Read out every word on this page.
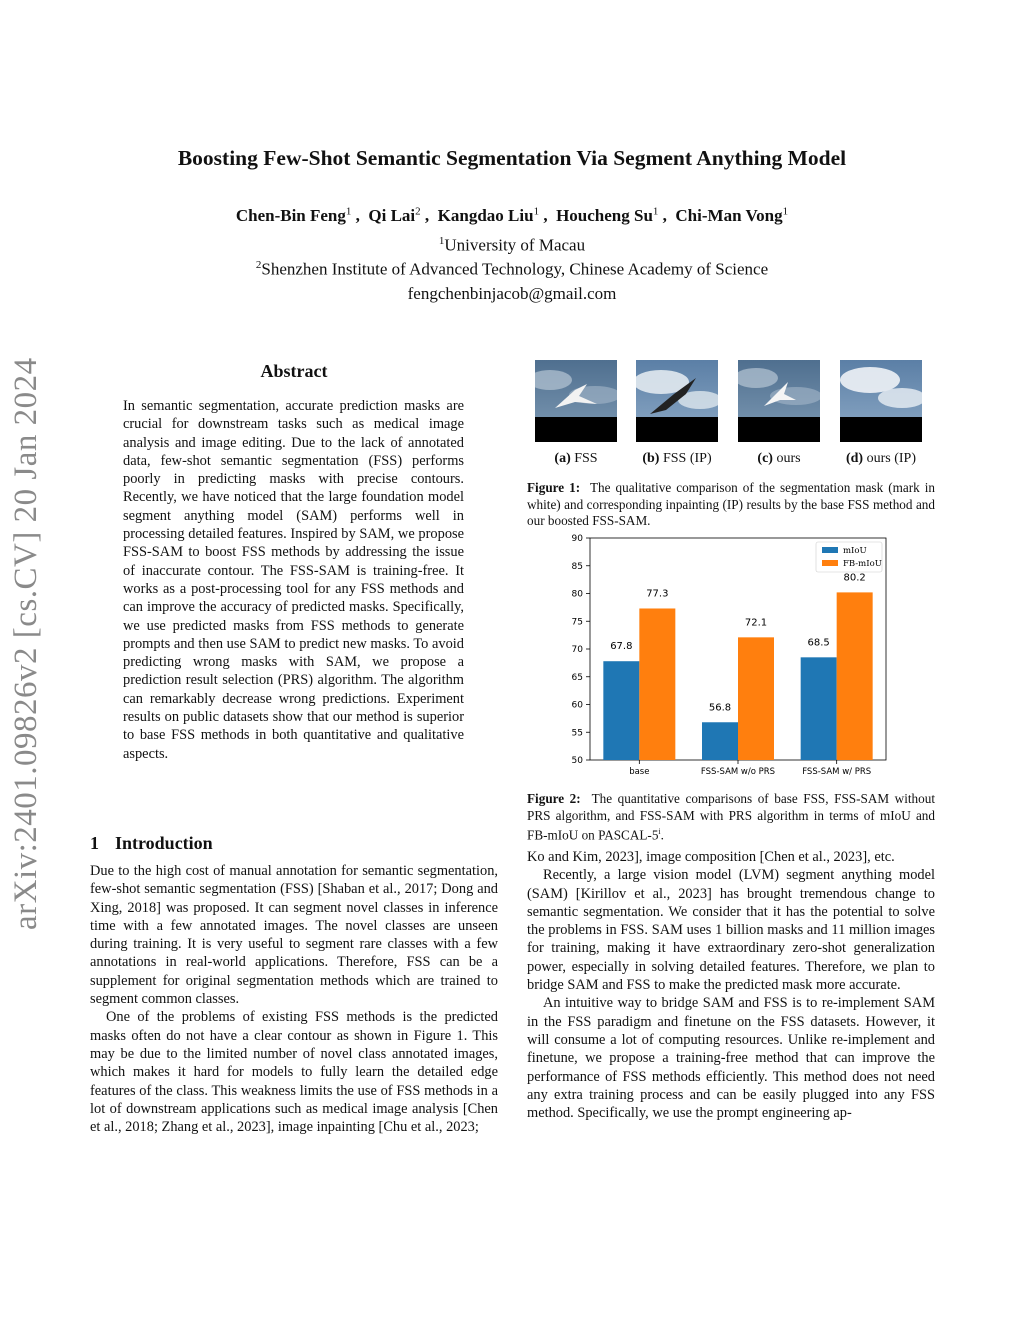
arXiv:2401.09826v2 [cs.CV] 20 Jan 2024
Boosting Few-Shot Semantic Segmentation Via Segment Anything Model
Chen-Bin Feng$^1$ ,  Qi Lai$^2$ ,  Kangdao Liu$^1$ ,  Houcheng Su$^1$ ,  Chi-Man Vong$^1$
$^1$University of Macau
$^2$Shenzhen Institute of Advanced Technology, Chinese Academy of Science
fengchenbinjacob@gmail.com
Abstract
In semantic segmentation, accurate prediction masks are crucial for downstream tasks such as medical image analysis and image editing. Due to the lack of annotated data, few-shot semantic segmentation (FSS) performs poorly in predicting masks with precise contours. Recently, we have noticed that the large foundation model segment anything model (SAM) performs well in processing detailed features. Inspired by SAM, we propose FSS-SAM to boost FSS methods by addressing the issue of inaccurate contour. The FSS-SAM is training-free. It works as a post-processing tool for any FSS methods and can improve the accuracy of predicted masks. Specifically, we use predicted masks from FSS methods to generate prompts and then use SAM to predict new masks. To avoid predicting wrong masks with SAM, we propose a prediction result selection (PRS) algorithm. The algorithm can remarkably decrease wrong predictions. Experiment results on public datasets show that our method is superior to base FSS methods in both quantitative and qualitative aspects.
1 Introduction

Due to the high cost of manual annotation for semantic segmentation, few-shot semantic segmentation (FSS) [Shaban et al., 2017; Dong and Xing, 2018] was proposed. It can segment novel classes in inference time with a few annotated images. The novel classes are unseen during training. It is very useful to segment rare classes with a few annotations in real-world applications. Therefore, FSS can be a supplement for original segmentation methods which are trained to segment common classes.

One of the problems of existing FSS methods is the predicted masks often do not have a clear contour as shown in Figure 1. This may be due to the limited number of novel class annotated images, which makes it hard for models to fully learn the detailed edge features of the class. This weakness limits the use of FSS methods in a lot of downstream applications such as medical image analysis [Chen et al., 2018; Zhang et al., 2023], image inpainting [Chu et al., 2023;

(a) FSS	(b) FSS (IP)	(c) ours	(d) ours (IP)
Figure 1: The qualitative comparison of the segmentation mask (mark in white) and corresponding inpainting (IP) results by the base FSS method and our boosted FSS-SAM.
50
55
60
65
70
75
80
85
90
base
67.8
77.3
FSS-SAM w/o PRS
56.8
72.1
FSS-SAM w/ PRS
68.5
80.2
mIoU
FB-mIoU
Figure 2: The quantitative comparisons of base FSS, FSS-SAM without PRS algorithm, and FSS-SAM with PRS algorithm in terms of mIoU and FB-mIoU on PASCAL-5$^i$.

Ko and Kim, 2023], image composition [Chen et al., 2023], etc.

Recently, a large vision model (LVM) segment anything model (SAM) [Kirillov et al., 2023] has brought tremendous change to semantic segmentation. We consider that it has the potential to solve the problems in FSS. SAM uses 1 billion masks and 11 million images for training, making it have extraordinary zero-shot generalization power, especially in solving detailed features. Therefore, we plan to bridge SAM and FSS to make the predicted mask more accurate.

An intuitive way to bridge SAM and FSS is to re-implement SAM in the FSS paradigm and finetune on the FSS datasets. However, it will consume a lot of computing resources. Unlike re-implement and finetune, we propose a training-free method that can improve the performance of FSS methods efficiently. This method does not need any extra training process and can be easily plugged into any FSS method. Specifically, we use the prompt engineering ap-
